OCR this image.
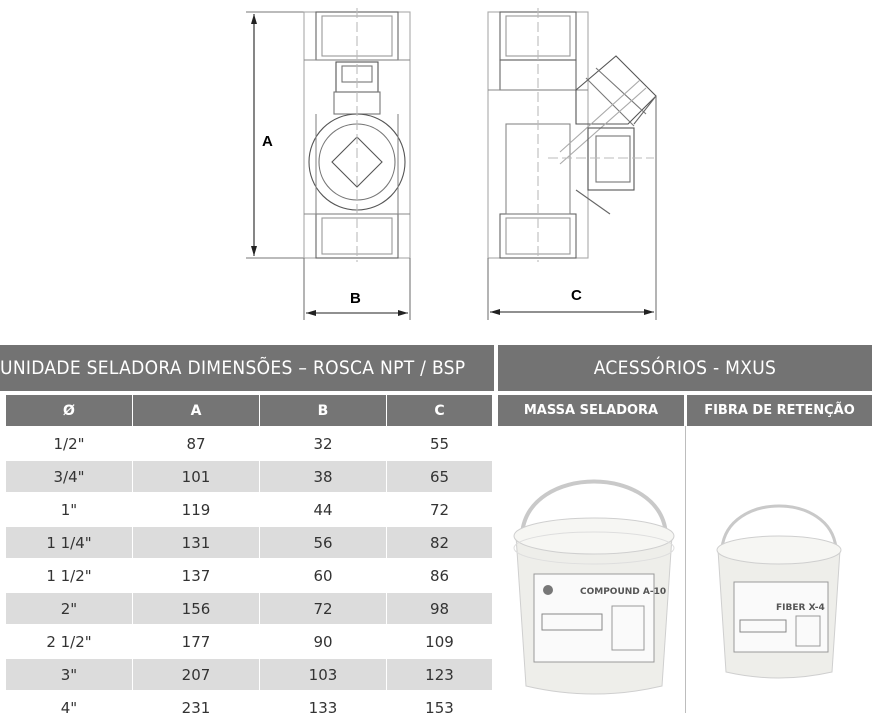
A
B	C
UNIDADE SELADORA DIMENSÕES – ROSCA NPT / BSP	ACESSÓRIOS - MXUS
Ø	A	B	C
1/2"	87	32	55
3/4"	101	38	65
1"	119	44	72
1 1/4"	131	56	82
1 1/2"	137	60	86
2"	156	72	98
2 1/2"	177	90	109
3"	207	103	123
4"	231	133	153
MASSA SELADORA	FIBRA DE RETENÇÃO
COMPOUND A-10
FIBER X-4
